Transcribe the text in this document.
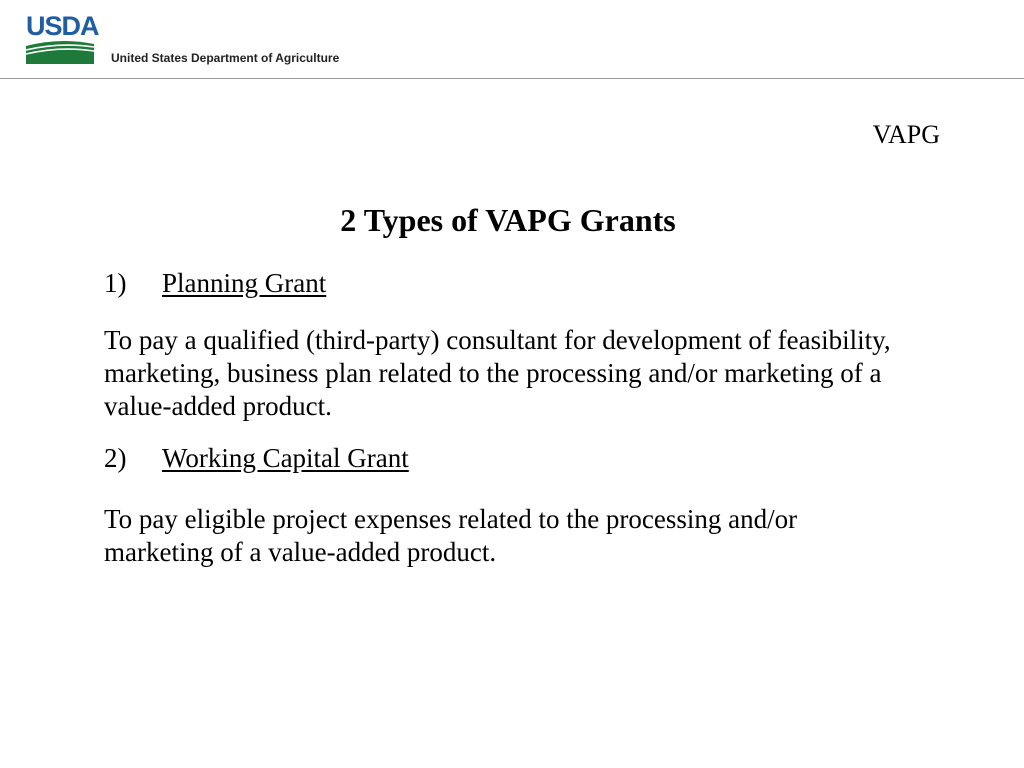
USDA
United States Department of Agriculture
VAPG
2 Types of VAPG Grants
1) Planning Grant
To pay a qualified (third-party) consultant for development of feasibility, marketing, business plan related to the processing and/or marketing of a value-added product.
2) Working Capital Grant
To pay eligible project expenses related to the processing and/or marketing of a value-added product.
